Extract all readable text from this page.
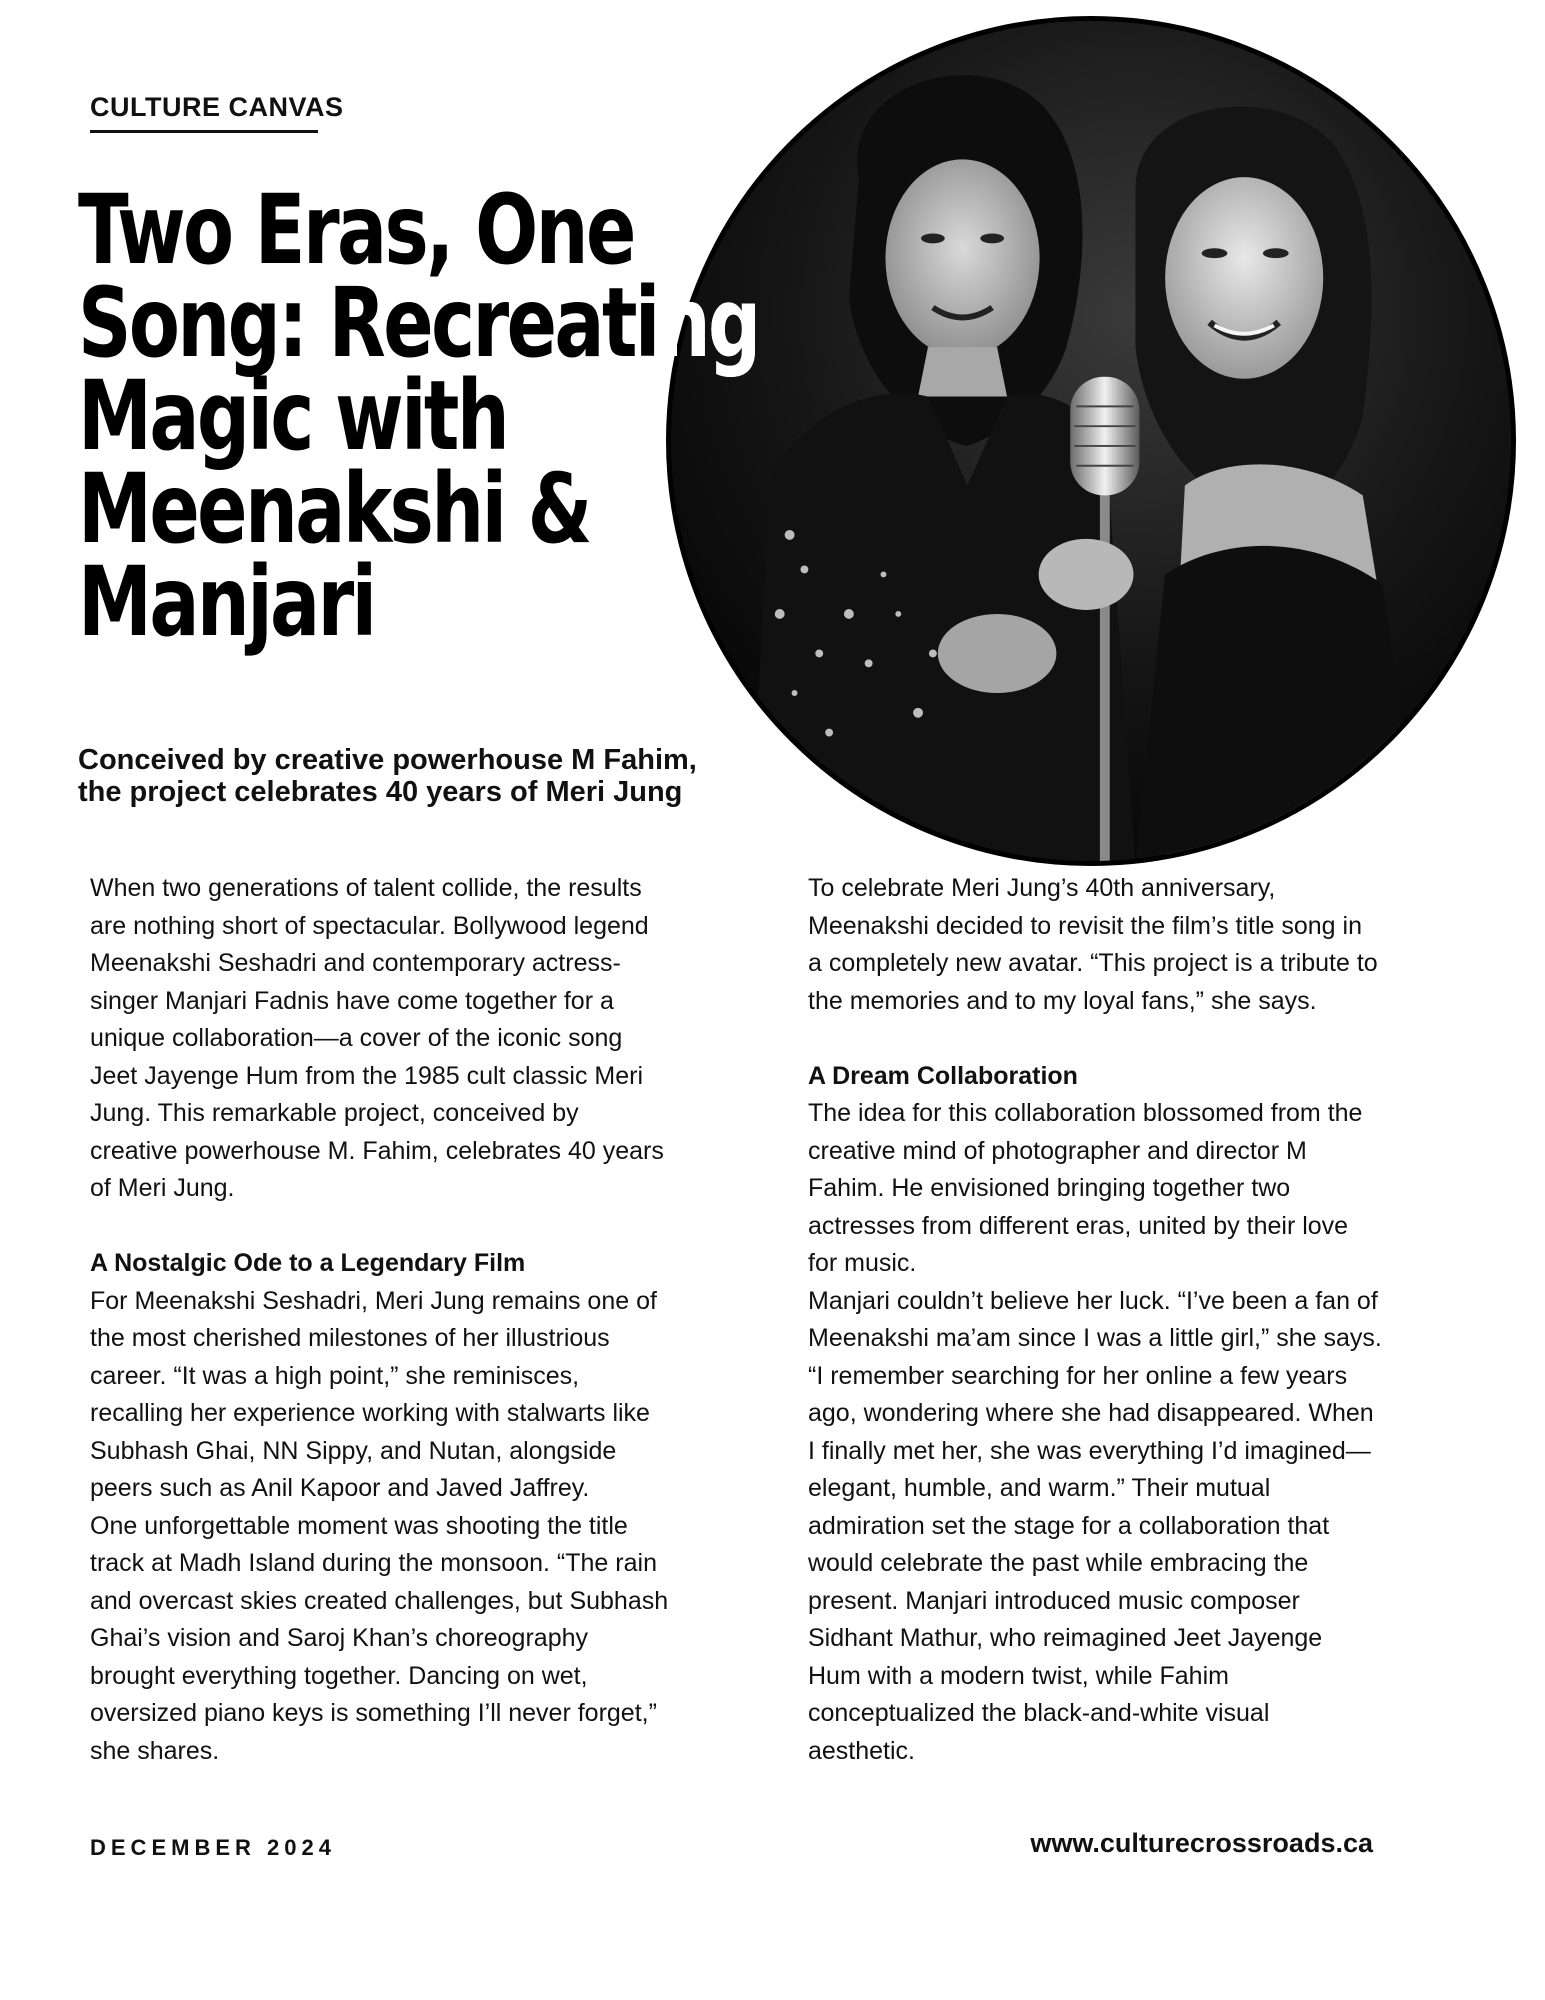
CULTURE CANVAS
Two Eras, One
Song: Recreating
Magic with
Meenakshi &
Manjari
Conceived by creative powerhouse M Fahim,
the project celebrates 40 years of Meri Jung

When two generations of talent collide, the results
are nothing short of spectacular. Bollywood legend
Meenakshi Seshadri and contemporary actress-
singer Manjari Fadnis have come together for a
unique collaboration—a cover of the iconic song
Jeet Jayenge Hum from the 1985 cult classic Meri
Jung. This remarkable project, conceived by
creative powerhouse M. Fahim, celebrates 40 years
of Meri Jung.

A Nostalgic Ode to a Legendary Film

For Meenakshi Seshadri, Meri Jung remains one of
the most cherished milestones of her illustrious
career. “It was a high point,” she reminisces,
recalling her experience working with stalwarts like
Subhash Ghai, NN Sippy, and Nutan, alongside
peers such as Anil Kapoor and Javed Jaffrey.
One unforgettable moment was shooting the title
track at Madh Island during the monsoon. “The rain
and overcast skies created challenges, but Subhash
Ghai’s vision and Saroj Khan’s choreography
brought everything together. Dancing on wet,
oversized piano keys is something I’ll never forget,”
she shares.

To celebrate Meri Jung’s 40th anniversary,
Meenakshi decided to revisit the film’s title song in
a completely new avatar. “This project is a tribute to
the memories and to my loyal fans,” she says.

A Dream Collaboration

The idea for this collaboration blossomed from the
creative mind of photographer and director M
Fahim. He envisioned bringing together two
actresses from different eras, united by their love
for music.
Manjari couldn’t believe her luck. “I’ve been a fan of
Meenakshi ma’am since I was a little girl,” she says.
“I remember searching for her online a few years
ago, wondering where she had disappeared. When
I finally met her, she was everything I’d imagined—
elegant, humble, and warm.” Their mutual
admiration set the stage for a collaboration that
would celebrate the past while embracing the
present. Manjari introduced music composer
Sidhant Mathur, who reimagined Jeet Jayenge
Hum with a modern twist, while Fahim
conceptualized the black-and-white visual
aesthetic.

DECEMBER 2024	www.culturecrossroads.ca
